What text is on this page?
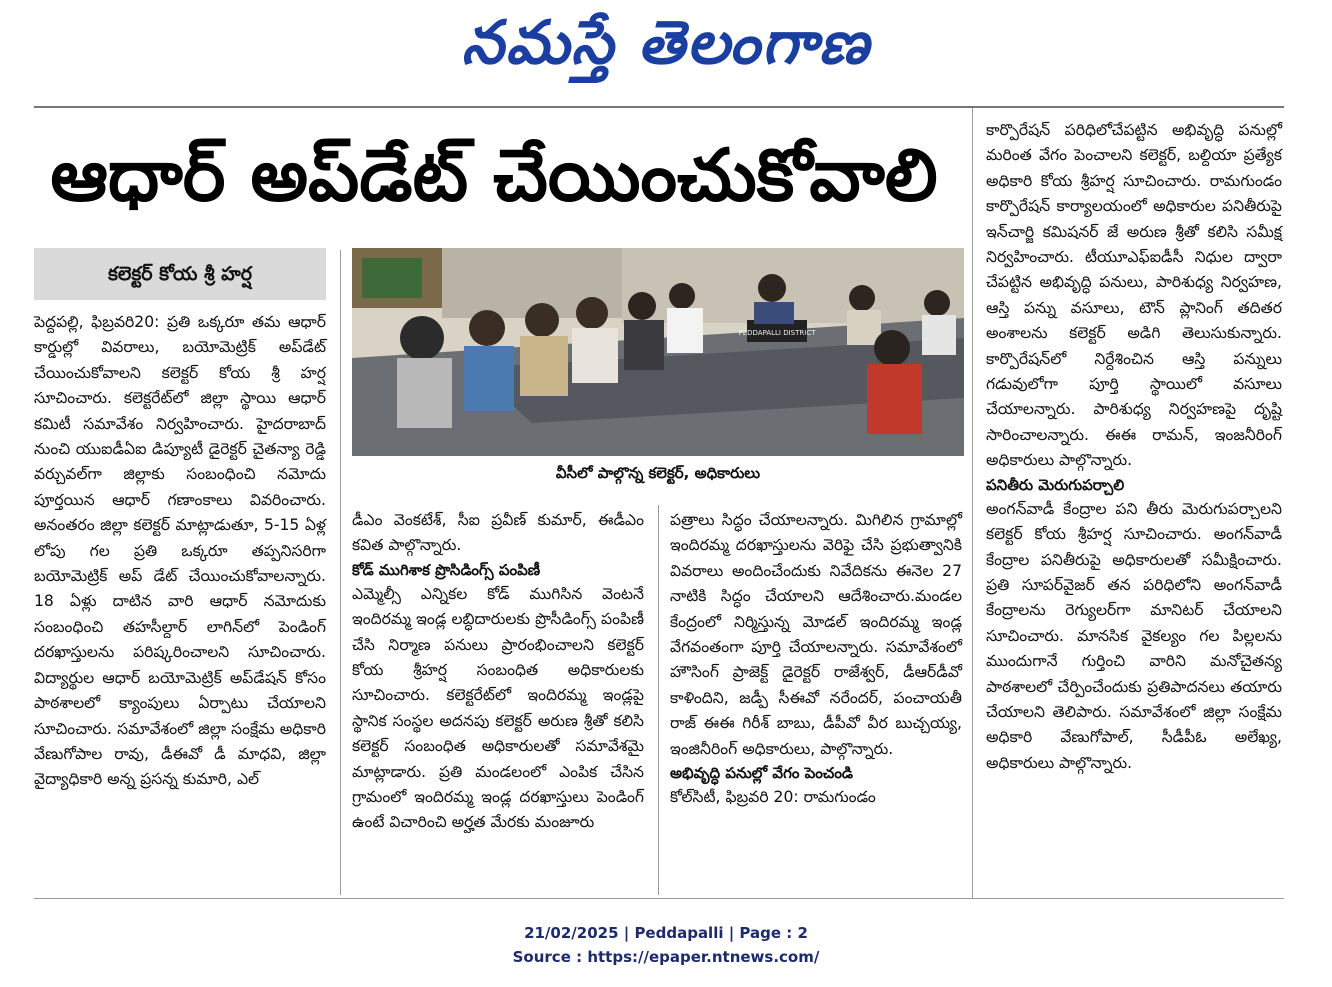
నమస్తే తెలంగాణ
ఆధార్ అప్‌డేట్ చేయించుకోవాలి
కలెక్టర్ కోయ శ్రీ హర్ష

పెద్దపల్లి, ఫిబ్రవరి20: ప్రతి ఒక్కరూ తమ ఆధార్ కార్డుల్లో వివరాలు, బయోమెట్రిక్ అప్‌డేట్ చేయించుకోవాలని కలెక్టర్ కోయ శ్రీ హర్ష సూచించారు. కలెక్టరేట్‌లో జిల్లా స్థాయి ఆధార్ కమిటీ సమావేశం నిర్వహించారు. హైదరాబాద్ నుంచి యుఐడీఏఐ డిప్యూటీ డైరెక్టర్ చైతన్యా రెడ్డి వర్చువల్‌గా జిల్లాకు సంబంధించి నమోదు పూర్తయిన ఆధార్ గణాంకాలు వివరించారు. అనంతరం జిల్లా కలెక్టర్ మాట్లాడుతూ, 5-15 ఏళ్ల లోపు గల ప్రతి ఒక్కరూ తప్పనిసరిగా బయోమెట్రిక్ అప్ డేట్ చేయించుకోవాలన్నారు. 18 ఏళ్లు దాటిన వారి ఆధార్ నమోదుకు సంబంధించి తహసీల్దార్ లాగిన్‌లో పెండింగ్ దరఖాస్తులను పరిష్కరించాలని సూచించారు. విద్యార్థుల ఆధార్ బయోమెట్రిక్ అప్‌డేషన్ కోసం పాఠశాలలో క్యాంపులు ఏర్పాటు చేయాలని సూచించారు. సమావేశంలో జిల్లా సంక్షేమ అధికారి వేణుగోపాల రావు, డీఈవో డీ మాధవి, జిల్లా వైద్యాధికారి అన్న ప్రసన్న కుమారి, ఎల్

PEDDAPALLI DISTRICT
వీసీలో పాల్గొన్న కలెక్టర్, అధికారులు

డీఎం వెంకటేశ్, సీఐ ప్రవీణ్ కుమార్, ఈడీఎం కవిత పాల్గొన్నారు.

కోడ్ ముగిశాక ప్రొసిడింగ్స్ పంపిణీ

ఎమ్మెల్సీ ఎన్నికల కోడ్ ముగిసిన వెంటనే ఇందిరమ్మ ఇండ్ల లబ్ధిదారులకు ప్రొసీడింగ్స్ పంపిణీ చేసి నిర్మాణ పనులు ప్రారంభించాలని కలెక్టర్ కోయ శ్రీహర్ష సంబంధిత అధికారులకు సూచించారు. కలెక్టరేట్‌లో ఇందిరమ్మ ఇండ్లపై స్థానిక సంస్థల అదనపు కలెక్టర్ అరుణ శ్రీతో కలిసి కలెక్టర్ సంబంధిత అధికారులతో సమావేశమై మాట్లాడారు. ప్రతి మండలంలో ఎంపిక చేసిన గ్రామంలో ఇందిరమ్మ ఇండ్ల దరఖాస్తులు పెండింగ్ ఉంటే విచారించి అర్హత మేరకు మంజూరు

పత్రాలు సిద్ధం చేయాలన్నారు. మిగిలిన గ్రామాల్లో ఇందిరమ్మ దరఖాస్తులను వెరిఫై చేసి ప్రభుత్వానికి వివరాలు అందించేందుకు నివేదికను ఈనెల 27 నాటికి సిద్ధం చేయాలని ఆదేశించారు.మండల కేంద్రంలో నిర్మిస్తున్న మోడల్ ఇందిరమ్మ ఇండ్ల వేగవంతంగా పూర్తి చేయాలన్నారు. సమావేశంలో హౌసింగ్ ప్రాజెక్ట్ డైరెక్టర్ రాజేశ్వర్, డీఆర్‌డీవో కాళిందిని, జడ్పీ సీఈవో నరేందర్, పంచాయతీ రాజ్ ఈఈ గిరీశ్ బాబు, డీపీవో వీర బుచ్చయ్య, ఇంజినీరింగ్ అధికారులు, పాల్గొన్నారు.

అభివృద్ధి పనుల్లో వేగం పెంచండి

కోల్‌సిటీ, ఫిబ్రవరి 20: రామగుండం

కార్పొరేషన్ పరిధిలోచేపట్టిన అభివృద్ధి పనుల్లో మరింత వేగం పెంచాలని కలెక్టర్, బల్దియా ప్రత్యేక అధికారి కోయ శ్రీహర్ష సూచించారు. రామగుండం కార్పొరేషన్ కార్యాలయంలో అధికారుల పనితీరుపై ఇన్‌చార్జి కమిషనర్ జే అరుణ శ్రీతో కలిసి సమీక్ష నిర్వహించారు. టీయూఎఫ్ఐడీసీ నిధుల ద్వారా చేపట్టిన అభివృద్ధి పనులు, పారిశుధ్య నిర్వహణ, ఆస్తి పన్ను వసూలు, టౌన్ ప్లానింగ్ తదితర అంశాలను కలెక్టర్ అడిగి తెలుసుకున్నారు. కార్పొరేషన్‌లో నిర్దేశించిన ఆస్తి పన్నులు గడువులోగా పూర్తి స్థాయిలో వసూలు చేయాలన్నారు. పారిశుధ్య నిర్వహణపై దృష్టి సారించాలన్నారు. ఈఈ రామన్, ఇంజనీరింగ్ అధికారులు పాల్గొన్నారు.

పనితీరు మెరుగుపర్చాలి

అంగన్‌వాడీ కేంద్రాల పని తీరు మెరుగుపర్చాలని కలెక్టర్ కోయ శ్రీహర్ష సూచించారు. అంగన్‌వాడీ కేంద్రాల పనితీరుపై అధికారులతో సమీక్షించారు. ప్రతి సూపర్‌వైజర్ తన పరిధిలోని అంగన్‌వాడీ కేంద్రాలను రెగ్యులర్‌గా మానిటర్ చేయాలని సూచించారు. మానసిక వైకల్యం గల పిల్లలను ముందుగానే గుర్తించి వారిని మనోచైతన్య పాఠశాలలో చేర్పించేందుకు ప్రతిపాదనలు తయారు చేయాలని తెలిపారు. సమావేశంలో జిల్లా సంక్షేమ అధికారి వేణుగోపాల్, సీడీపీఓ అలేఖ్య, అధికారులు పాల్గొన్నారు.

21/02/2025 | Peddapalli | Page : 2
Source : https://epaper.ntnews.com/
